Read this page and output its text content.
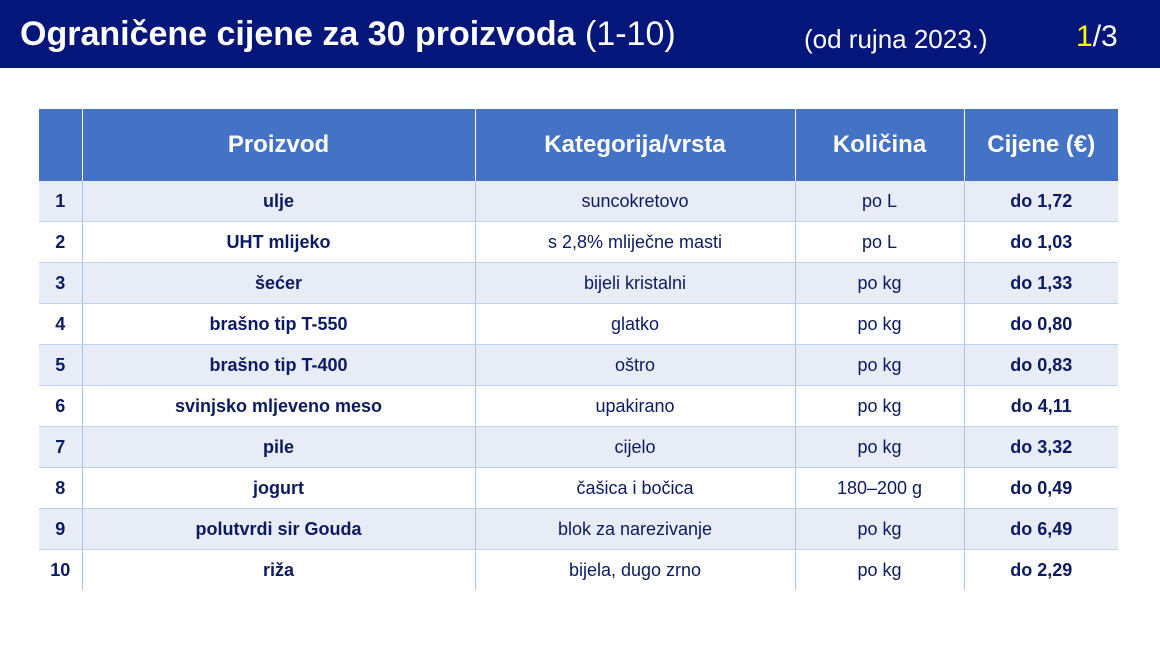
Ograničene cijene za 30 proizvoda (1-10)	(od rujna 2023.)	1/3
	Proizvod	Kategorija/vrsta	Količina	Cijene (€)
1	ulje	suncokretovo	po L	do 1,72
2	UHT mlijeko	s 2,8% mliječne masti	po L	do 1,03
3	šećer	bijeli kristalni	po kg	do 1,33
4	brašno tip T-550	glatko	po kg	do 0,80
5	brašno tip T-400	oštro	po kg	do 0,83
6	svinjsko mljeveno meso	upakirano	po kg	do 4,11
7	pile	cijelo	po kg	do 3,32
8	jogurt	čašica i bočica	180–200 g	do 0,49
9	polutvrdi sir Gouda	blok za narezivanje	po kg	do 6,49
10	riža	bijela, dugo zrno	po kg	do 2,29
